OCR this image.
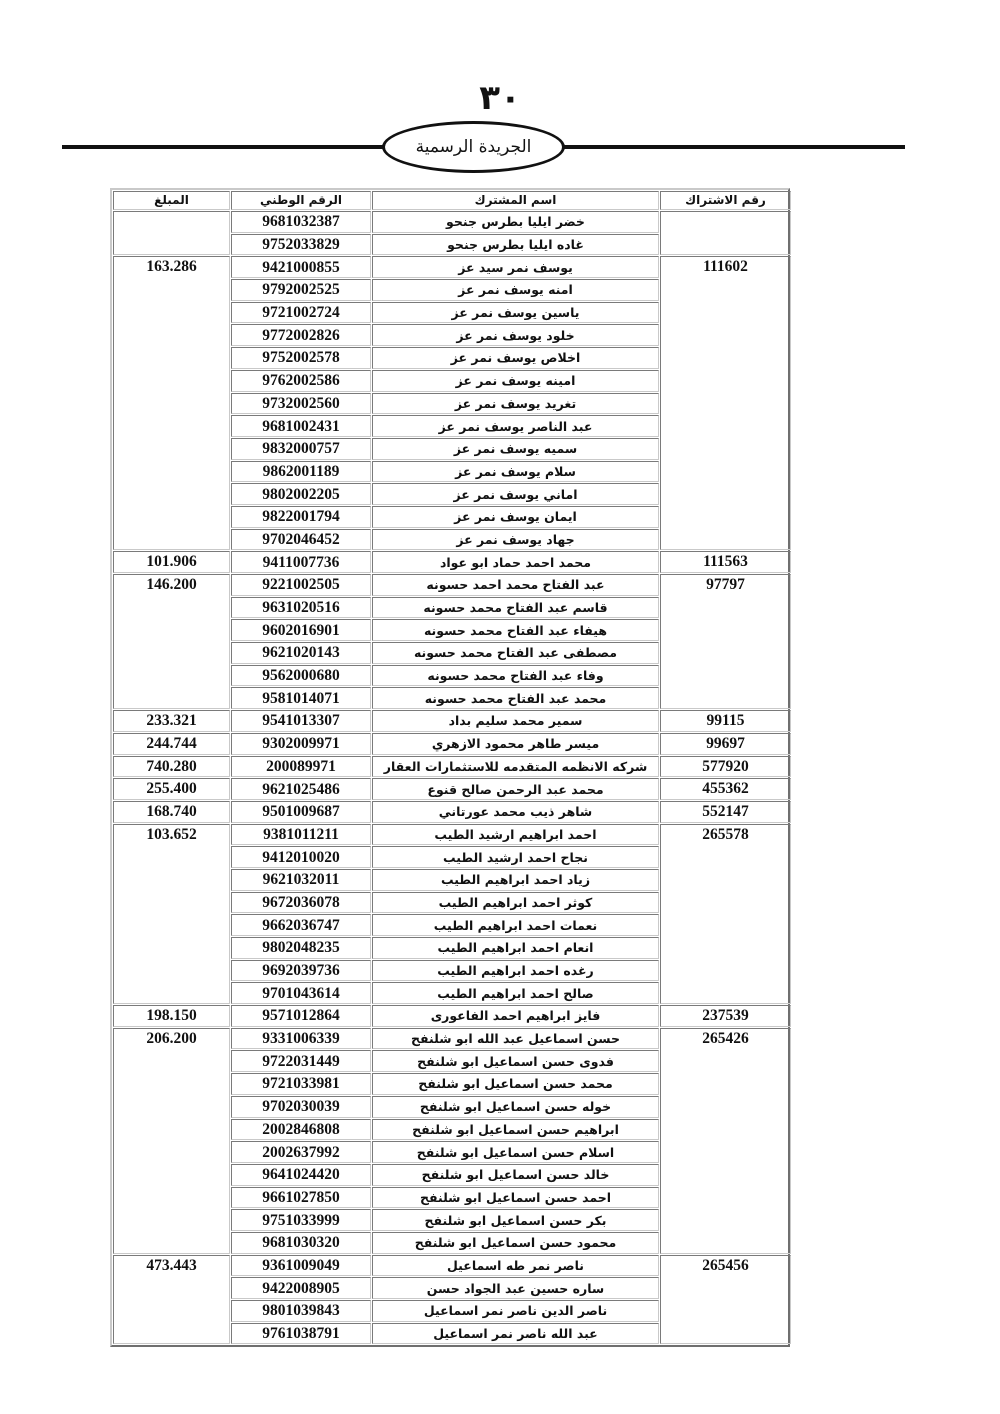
٣٠
الجريدة الرسمية
رقم الاشتراك	اسم المشترك	الرقم الوطني	المبلغ
	خضر ايليا بطرس جنحو	9681032387	
	غاده ايليا بطرس جنحو	9752033829	
111602	يوسف نمر سيد عز	9421000855	163.286
	امنه يوسف نمر عز	9792002525	
	ياسين يوسف نمر عز	9721002724	
	خلود يوسف نمر عز	9772002826	
	اخلاص يوسف نمر عز	9752002578	
	امينه يوسف نمر عز	9762002586	
	تغريد يوسف نمر عز	9732002560	
	عبد الناصر يوسف نمر عز	9681002431	
	سميه يوسف نمر عز	9832000757	
	سلام يوسف نمر عز	9862001189	
	اماني يوسف نمر عز	9802002205	
	ايمان يوسف نمر عز	9822001794	
	جهاد يوسف نمر عز	9702046452	
111563	محمد احمد حماد ابو عواد	9411007736	101.906
97797	عبد الفتاح محمد احمد حسونه	9221002505	146.200
	قاسم عبد الفتاح محمد حسونه	9631020516	
	هيفاء عبد الفتاح محمد حسونه	9602016901	
	مصطفى عبد الفتاح محمد حسونه	9621020143	
	وفاء عبد الفتاح محمد حسونه	9562000680	
	محمد عبد الفتاح محمد حسونه	9581014071	
99115	سمير محمد سليم بداد	9541013307	233.321
99697	ميسر طاهر محمود الازهري	9302009971	244.744
577920	شركه الانظمه المتقدمه للاستثمارات العقار	200089971	740.280
455362	محمد عبد الرحمن صالح قنوع	9621025486	255.400
552147	شاهر ذيب محمد عورتاني	9501009687	168.740
265578	احمد ابراهيم ارشيد الطيب	9381011211	103.652
	نجاح احمد ارشيد الطيب	9412010020	
	زياد احمد ابراهيم الطيب	9621032011	
	كوثر احمد ابراهيم الطيب	9672036078	
	نعمات احمد ابراهيم الطيب	9662036747	
	انعام احمد ابراهيم الطيب	9802048235	
	رغده احمد ابراهيم الطيب	9692039736	
	صالح احمد ابراهيم الطيب	9701043614	
237539	فايز ابراهيم احمد الفاعورى	9571012864	198.150
265426	حسن اسماعيل عبد الله ابو شلنفح	9331006339	206.200
	فدوى حسن اسماعيل ابو شلنفح	9722031449	
	محمد حسن اسماعيل ابو شلنفح	9721033981	
	خوله حسن اسماعيل ابو شلنفح	9702030039	
	ابراهيم حسن اسماعيل ابو شلنفح	2002846808	
	اسلام حسن اسماعيل ابو شلنفح	2002637992	
	خالد حسن اسماعيل ابو شلنفح	9641024420	
	احمد حسن اسماعيل ابو شلنفح	9661027850	
	بكر حسن اسماعيل ابو شلنفح	9751033999	
	محمود حسن اسماعيل ابو شلنفح	9681030320	
265456	ناصر نمر طه اسماعيل	9361009049	473.443
	ساره حسين عبد الجواد حسن	9422008905	
	ناصر الدين ناصر نمر اسماعيل	9801039843	
	عبد الله ناصر نمر اسماعيل	9761038791	
